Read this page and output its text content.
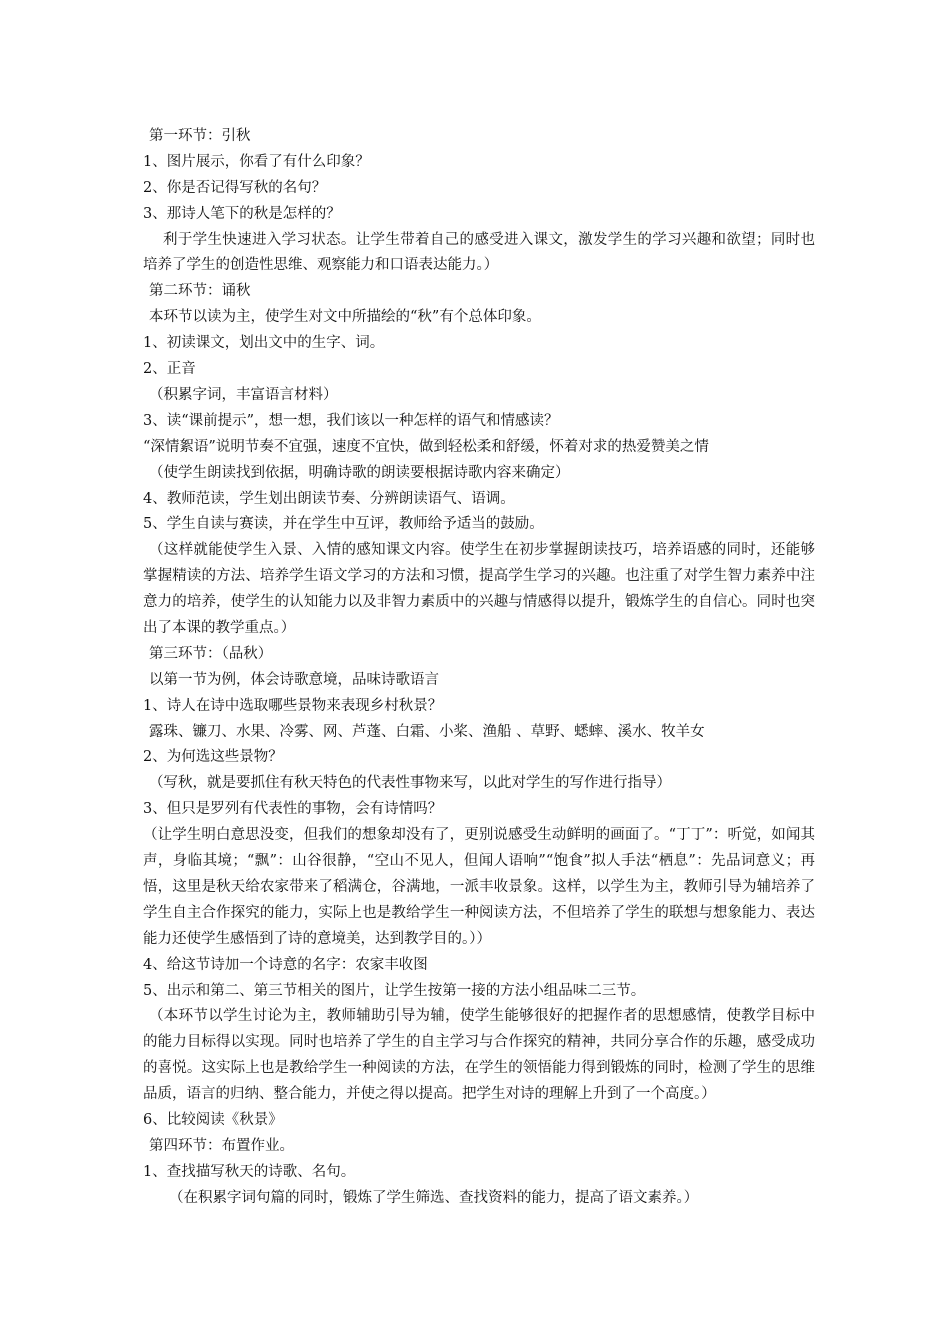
第一环节：引秋
1、图片展示，你看了有什么印象？
2、你是否记得写秋的名句？
3、那诗人笔下的秋是怎样的？
利于学生快速进入学习状态。让学生带着自己的感受进入课文，激发学生的学习兴趣和欲望；同时也培养了学生的创造性思维、观察能力和口语表达能力。）
第二环节：诵秋
本环节以读为主，使学生对文中所描绘的“秋”有个总体印象。
1、初读课文，划出文中的生字、词。
2、正音
（积累字词，丰富语言材料）
3、读“课前提示”，想一想，我们该以一种怎样的语气和情感读？
“深情絮语”说明节奏不宜强，速度不宜快，做到轻松柔和舒缓，怀着对求的热爱赞美之情
（使学生朗读找到依据，明确诗歌的朗读要根据诗歌内容来确定）
4、教师范读，学生划出朗读节奏、分辨朗读语气、语调。
5、学生自读与赛读，并在学生中互评，教师给予适当的鼓励。
（这样就能使学生入景、入情的感知课文内容。使学生在初步掌握朗读技巧，培养语感的同时，还能够掌握精读的方法、培养学生语文学习的方法和习惯，提高学生学习的兴趣。也注重了对学生智力素养中注意力的培养，使学生的认知能力以及非智力素质中的兴趣与情感得以提升，锻炼学生的自信心。同时也突出了本课的教学重点。）
第三环节：（品秋）
以第一节为例，体会诗歌意境，品味诗歌语言
1、诗人在诗中选取哪些景物来表现乡村秋景？
露珠、镰刀、水果、冷雾、网、芦蓬、白霜、小桨、渔船 、草野、蟋蟀、溪水、牧羊女
2、为何选这些景物？
（写秋，就是要抓住有秋天特色的代表性事物来写，以此对学生的写作进行指导）
3、但只是罗列有代表性的事物，会有诗情吗？
（让学生明白意思没变，但我们的想象却没有了，更别说感受生动鲜明的画面了。“丁丁”：听觉，如闻其声，身临其境；“飘”：山谷很静，“空山不见人，但闻人语响”“饱食”拟人手法“栖息”：先品词意义；再悟，这里是秋天给农家带来了稻满仓，谷满地，一派丰收景象。这样，以学生为主，教师引导为辅培养了学生自主合作探究的能力，实际上也是教给学生一种阅读方法，不但培养了学生的联想与想象能力、表达能力还使学生感悟到了诗的意境美，达到教学目的。））
4、给这节诗加一个诗意的名字：农家丰收图
5、出示和第二、第三节相关的图片，让学生按第一接的方法小组品味二三节。
（本环节以学生讨论为主，教师辅助引导为辅，使学生能够很好的把握作者的思想感情，使教学目标中的能力目标得以实现。同时也培养了学生的自主学习与合作探究的精神，共同分享合作的乐趣，感受成功的喜悦。这实际上也是教给学生一种阅读的方法，在学生的领悟能力得到锻炼的同时，检测了学生的思维品质，语言的归纳、整合能力，并使之得以提高。把学生对诗的理解上升到了一个高度。）
6、比较阅读《秋景》
第四环节：布置作业。
1、查找描写秋天的诗歌、名句。
（在积累字词句篇的同时，锻炼了学生筛选、查找资料的能力，提高了语文素养。）
